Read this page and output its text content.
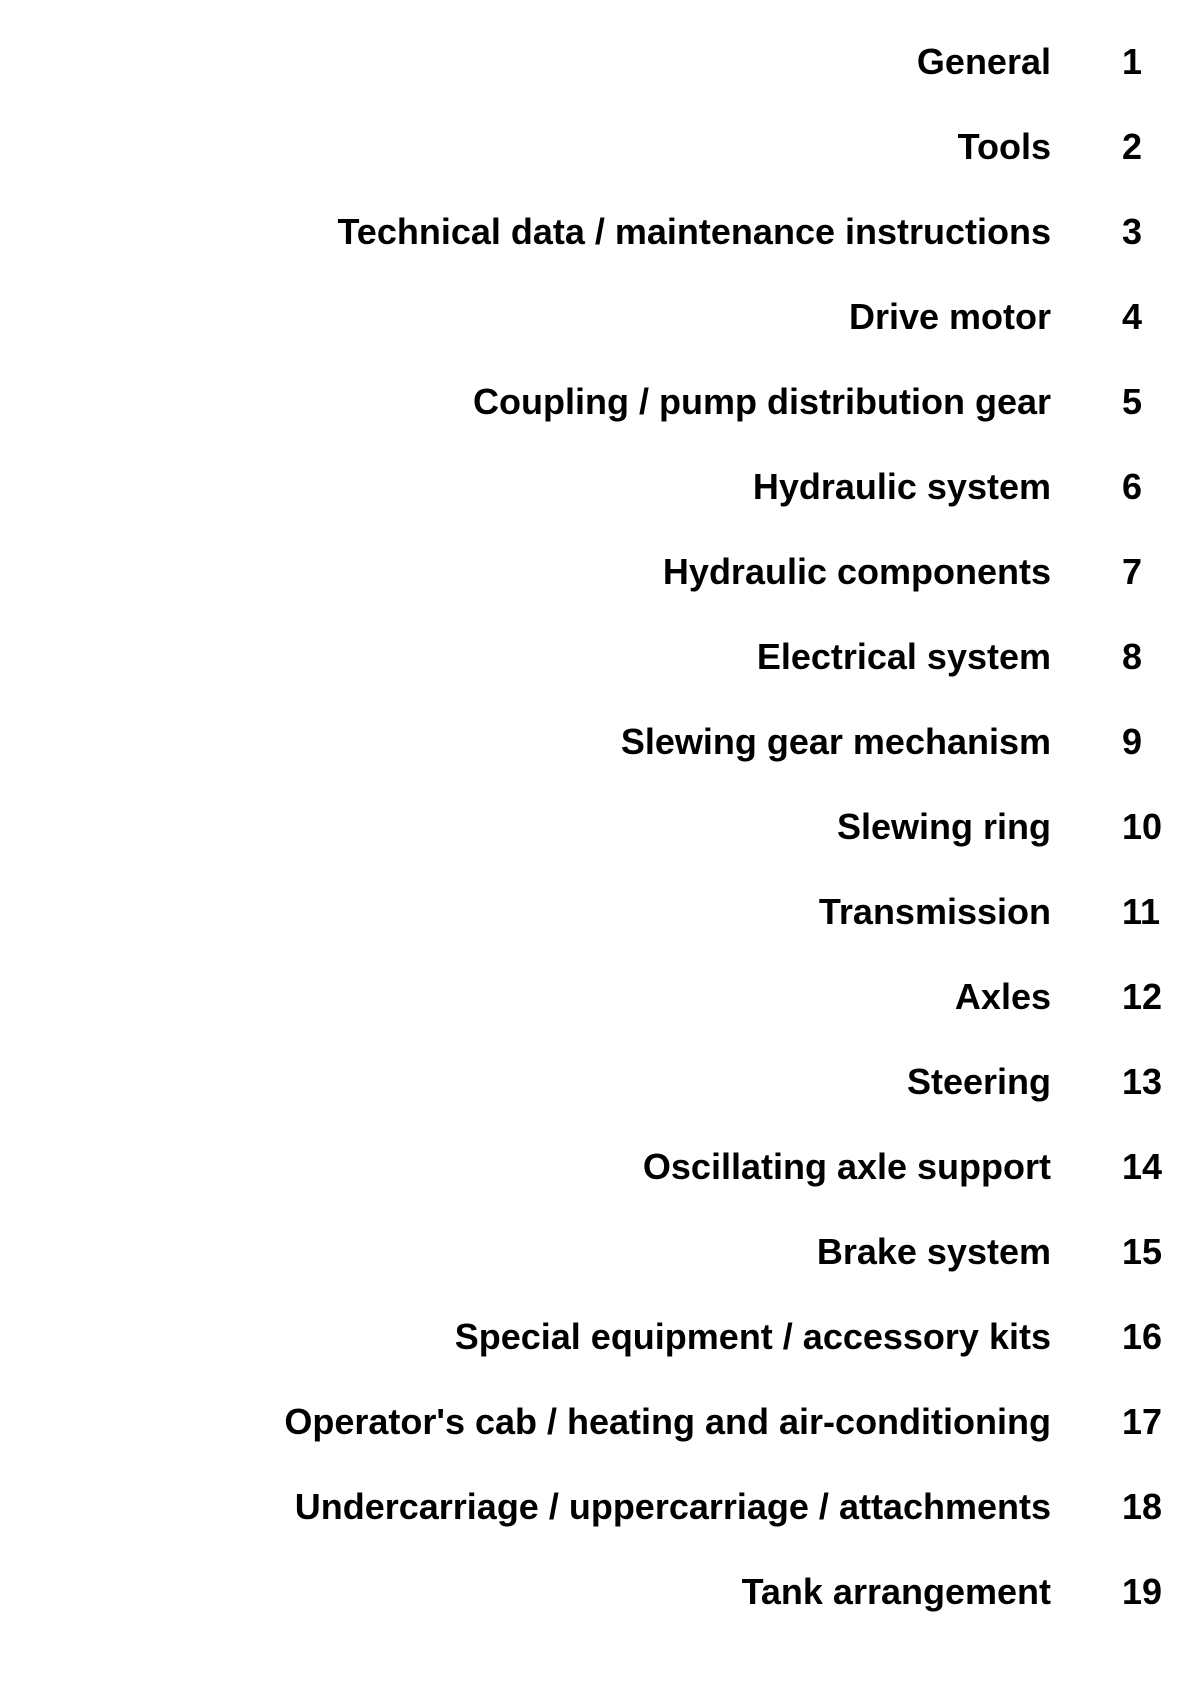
General 1
Tools 2
Technical data / maintenance instructions 3
Drive motor 4
Coupling / pump distribution gear 5
Hydraulic system 6
Hydraulic components 7
Electrical system 8
Slewing gear mechanism 9
Slewing ring 10
Transmission 11
Axles 12
Steering 13
Oscillating axle support 14
Brake system 15
Special equipment / accessory kits 16
Operator's cab / heating and air-conditioning 17
Undercarriage / uppercarriage / attachments 18
Tank arrangement 19
